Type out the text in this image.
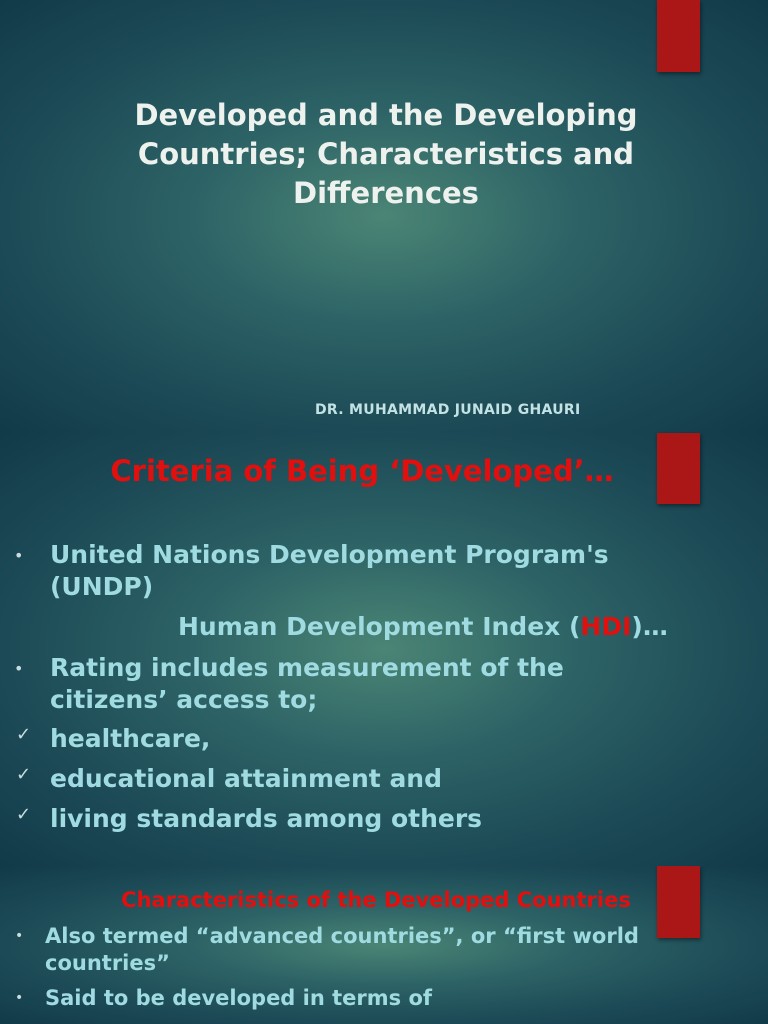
Developed and the Developing Countries; Characteristics and Differences
DR. MUHAMMAD JUNAID GHAURI
Criteria of Being ‘Developed’…
• United Nations Development Program's (UNDP)
Human Development Index (HDI)…
• Rating includes measurement of the citizens’ access to;
✓ healthcare,
✓ educational attainment and
✓ living standards among others
Characteristics of the Developed Countries
• Also termed “advanced countries”, or “first world countries”
• Said to be developed in terms of
